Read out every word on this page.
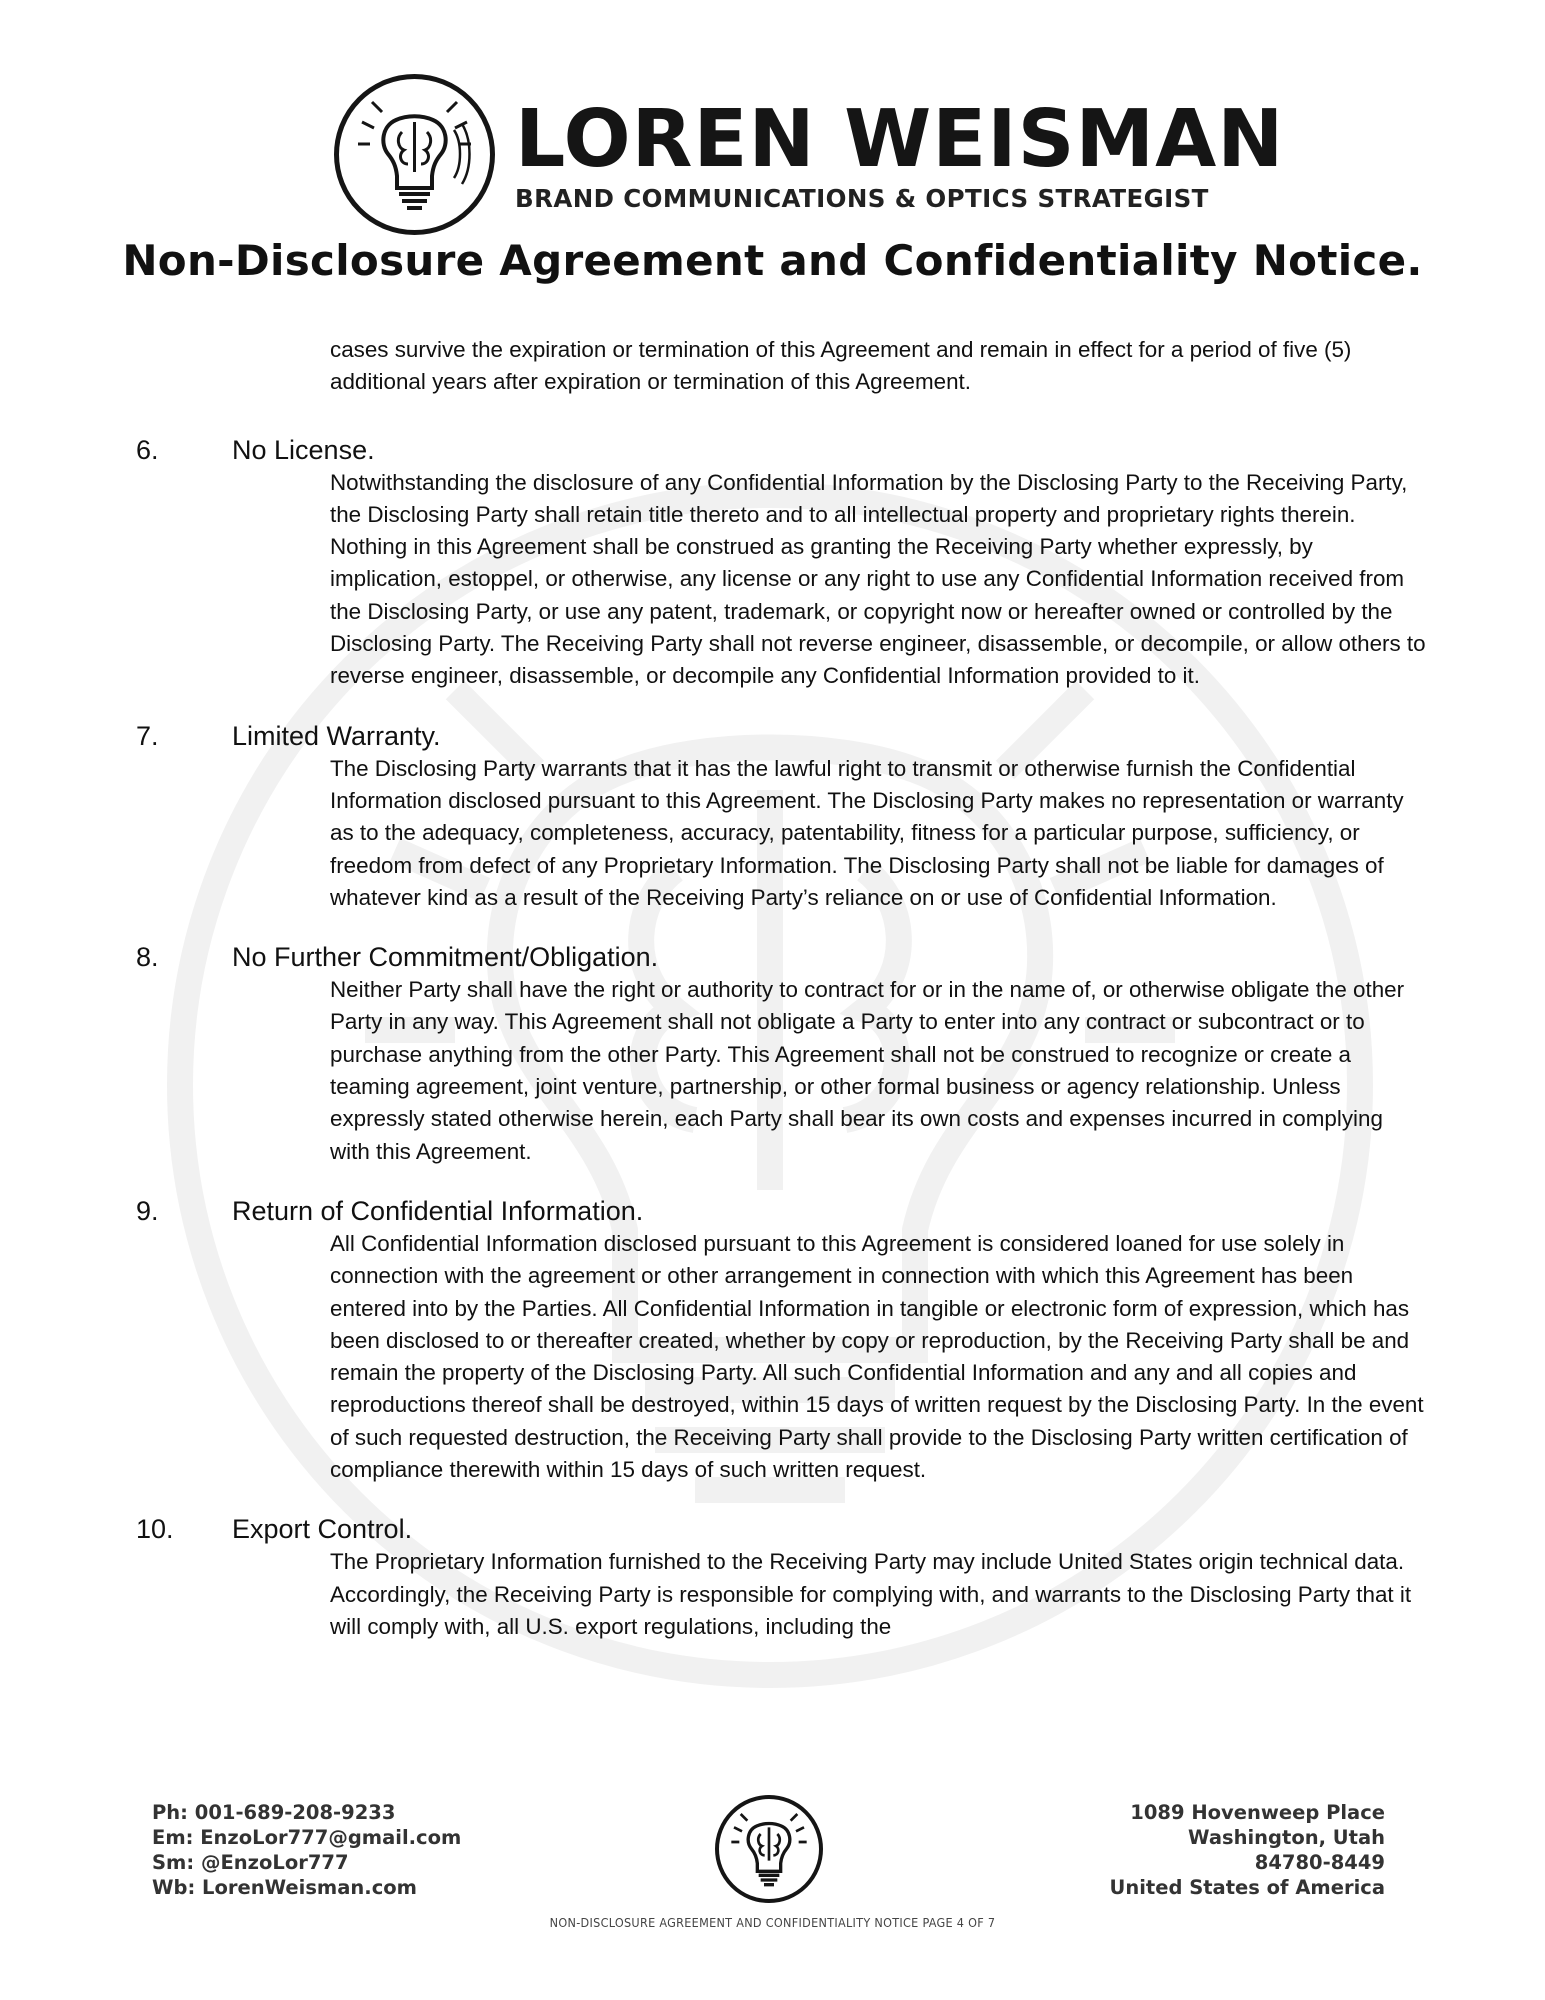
LOREN WEISMAN
BRAND COMMUNICATIONS & OPTICS STRATEGIST
Non-Disclosure Agreement and Confidentiality Notice.
cases survive the expiration or termination of this Agreement and remain in effect for a period of five (5) additional years after expiration or termination of this Agreement.
6.	No License.
Notwithstanding the disclosure of any Confidential Information by the Disclosing Party to the Receiving Party, the Disclosing Party shall retain title thereto and to all intellectual property and proprietary rights therein. Nothing in this Agreement shall be construed as granting the Receiving Party whether expressly, by implication, estoppel, or otherwise, any license or any right to use any Confidential Information received from the Disclosing Party, or use any patent, trademark, or copyright now or hereafter owned or controlled by the Disclosing Party. The Receiving Party shall not reverse engineer, disassemble, or decompile, or allow others to reverse engineer, disassemble, or decompile any Confidential Information provided to it.
7.	Limited Warranty.
The Disclosing Party warrants that it has the lawful right to transmit or otherwise furnish the Confidential Information disclosed pursuant to this Agreement. The Disclosing Party makes no representation or warranty as to the adequacy, completeness, accuracy, patentability, fitness for a particular purpose, sufficiency, or freedom from defect of any Proprietary Information. The Disclosing Party shall not be liable for damages of whatever kind as a result of the Receiving Party’s reliance on or use of Confidential Information.
8.	No Further Commitment/Obligation.
Neither Party shall have the right or authority to contract for or in the name of, or otherwise obligate the other Party in any way. This Agreement shall not obligate a Party to enter into any contract or subcontract or to purchase anything from the other Party. This Agreement shall not be construed to recognize or create a teaming agreement, joint venture, partnership, or other formal business or agency relationship. Unless expressly stated otherwise herein, each Party shall bear its own costs and expenses incurred in complying with this Agreement.
9.	Return of Confidential Information.
All Confidential Information disclosed pursuant to this Agreement is considered loaned for use solely in connection with the agreement or other arrangement in connection with which this Agreement has been entered into by the Parties. All Confidential Information in tangible or electronic form of expression, which has been disclosed to or thereafter created, whether by copy or reproduction, by the Receiving Party shall be and remain the property of the Disclosing Party. All such Confidential Information and any and all copies and reproductions thereof shall be destroyed, within 15 days of written request by the Disclosing Party. In the event of such requested destruction, the Receiving Party shall provide to the Disclosing Party written certification of compliance therewith within 15 days of such written request.
10.	Export Control.
The Proprietary Information furnished to the Receiving Party may include United States origin technical data. Accordingly, the Receiving Party is responsible for complying with, and warrants to the Disclosing Party that it will comply with, all U.S. export regulations, including the
Ph: 001-689-208-9233
Em: EnzoLor777@gmail.com
Sm: @EnzoLor777
Wb: LorenWeisman.com
1089 Hovenweep Place
Washington, Utah
84780-8449
United States of America
NON-DISCLOSURE AGREEMENT AND CONFIDENTIALITY NOTICE PAGE 4 OF 7
